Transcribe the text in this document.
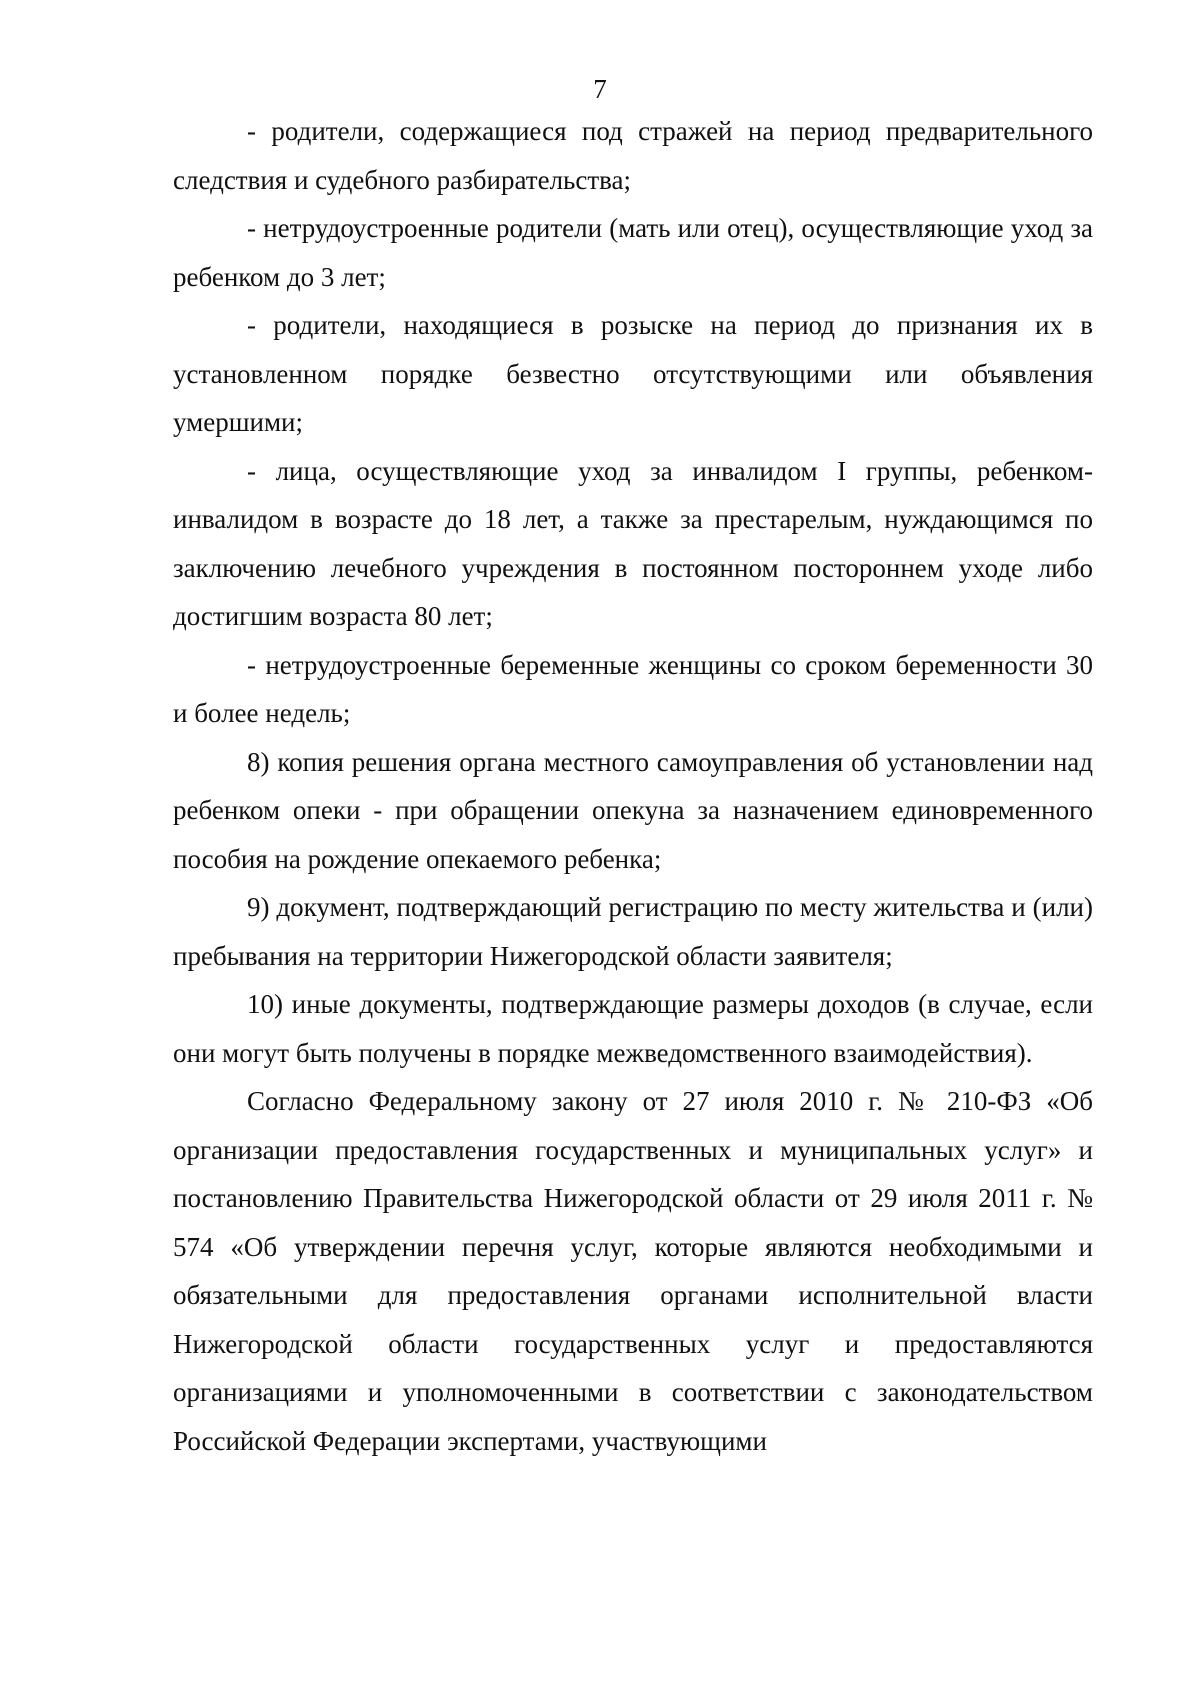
7

- родители, содержащиеся под стражей на период предварительного следствия и судебного разбирательства;

- нетрудоустроенные родители (мать или отец), осуществляющие уход за ребенком до 3 лет;

- родители, находящиеся в розыске на период до признания их в установленном порядке безвестно отсутствующими или объявления умершими;

- лица, осуществляющие уход за инвалидом I группы, ребенком-инвалидом в возрасте до 18 лет, а также за престарелым, нуждающимся по заключению лечебного учреждения в постоянном постороннем уходе либо достигшим возраста 80 лет;

- нетрудоустроенные беременные женщины со сроком беременности 30 и более недель;

8) копия решения органа местного самоуправления об установлении над ребенком опеки - при обращении опекуна за назначением единовременного пособия на рождение опекаемого ребенка;

9) документ, подтверждающий регистрацию по месту жительства и (или) пребывания на территории Нижегородской области заявителя;

10) иные документы, подтверждающие размеры доходов (в случае, если они могут быть получены в порядке межведомственного взаимодействия).

Согласно Федеральному закону от 27 июля 2010 г. № 210-ФЗ «Об организации предоставления государственных и муниципальных услуг» и постановлению Правительства Нижегородской области от 29 июля 2011 г. № 574 «Об утверждении перечня услуг, которые являются необходимыми и обязательными для предоставления органами исполнительной власти Нижегородской области государственных услуг и предоставляются организациями и уполномоченными в соответствии с законодательством Российской Федерации экспертами, участвующими
